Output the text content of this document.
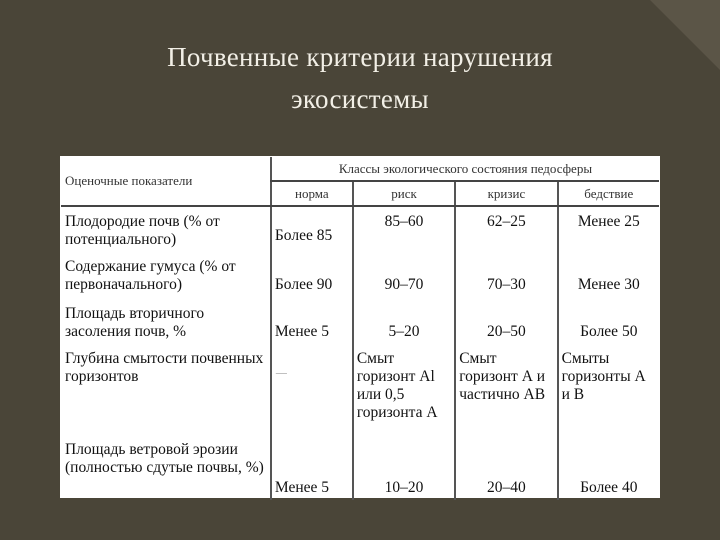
Почвенные критерии нарушения
экосистемы
Оценочные показатели	Классы экологического состояния педосферы			
	норма	риск	кризис	бедствие
Плодородие почв (% от потенциального)	Более 85	85–60	62–25	Менее 25
Содержание гумуса (% от первоначального)	Более 90	90–70	70–30	Менее 30
Площадь вторичного засоления почв, %	Менее 5	5–20	20–50	Более 50
Глубина смытости почвенных горизонтов	—	Смыт горизонт Al или 0,5 горизонта А	Смыт горизонт А и частично АВ	Смыты горизонты А и В
Площадь ветровой эрозии (полностью сдутые почвы, %)	Менее 5	10–20	20–40	Более 40
